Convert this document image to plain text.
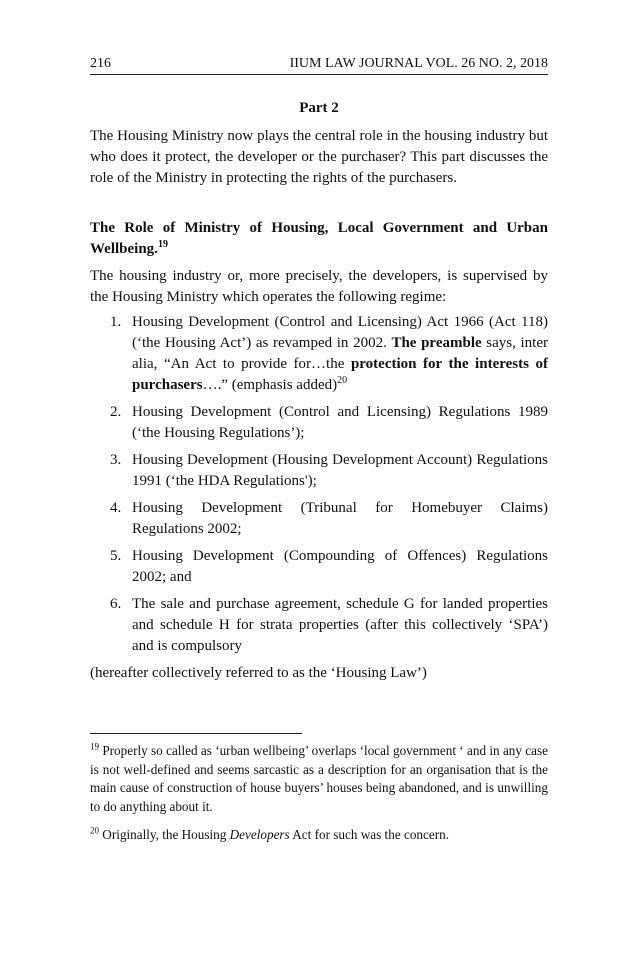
216	IIUM LAW JOURNAL VOL. 26 NO. 2, 2018

Part 2

The Housing Ministry now plays the central role in the housing industry but who does it protect, the developer or the purchaser? This part discusses the role of the Ministry in protecting the rights of the purchasers.

The Role of Ministry of Housing, Local Government and Urban Wellbeing.$^{19}$

The housing industry or, more precisely, the developers, is supervised by the Housing Ministry which operates the following regime:

1. Housing Development (Control and Licensing) Act 1966 (Act 118) (‘the Housing Act’) as revamped in 2002. The preamble says, inter alia, “An Act to provide for…the protection for the interests of purchasers….” (emphasis added)$^{20}$
2. Housing Development (Control and Licensing) Regulations 1989 (‘the Housing Regulations’);
3. Housing Development (Housing Development Account) Regulations 1991 (‘the HDA Regulations');
4. Housing Development (Tribunal for Homebuyer Claims) Regulations 2002;
5. Housing Development (Compounding of Offences) Regulations 2002; and
6. The sale and purchase agreement, schedule G for landed properties and schedule H for strata properties (after this collectively ‘SPA’) and is compulsory

(hereafter collectively referred to as the ‘Housing Law’)

$^{19}$ Properly so called as ‘urban wellbeing’ overlaps ‘local government ‘ and in any case is not well-defined and seems sarcastic as a description for an organisation that is the main cause of construction of house buyers’ houses being abandoned, and is unwilling to do anything about it.

$^{20}$ Originally, the Housing Developers Act for such was the concern.
